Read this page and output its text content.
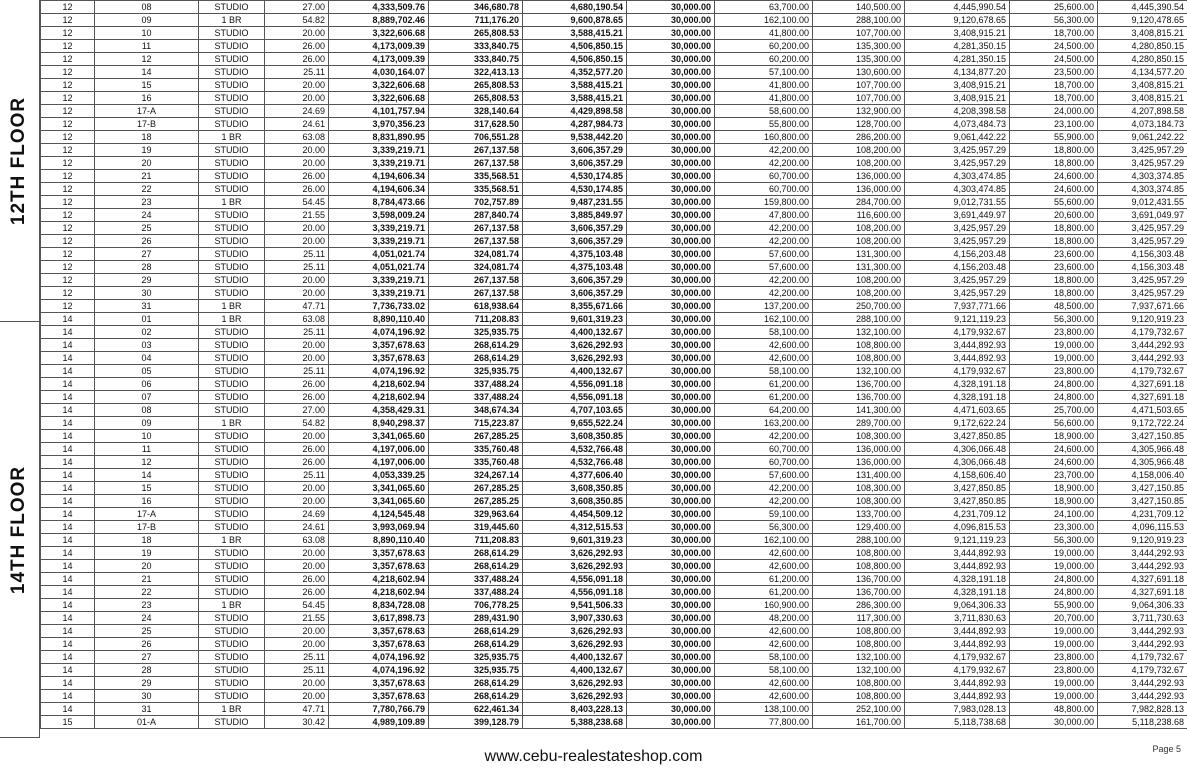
12TH FLOOR
14TH FLOOR
12	08	STUDIO	27.00	4,333,509.76	346,680.78	4,680,190.54	30,000.00	63,700.00	140,500.00	4,445,990.54	25,600.00	4,445,390.54
12	09	1 BR	54.82	8,889,702.46	711,176.20	9,600,878.65	30,000.00	162,100.00	288,100.00	9,120,678.65	56,300.00	9,120,478.65
12	10	STUDIO	20.00	3,322,606.68	265,808.53	3,588,415.21	30,000.00	41,800.00	107,700.00	3,408,915.21	18,700.00	3,408,815.21
12	11	STUDIO	26.00	4,173,009.39	333,840.75	4,506,850.15	30,000.00	60,200.00	135,300.00	4,281,350.15	24,500.00	4,280,850.15
12	12	STUDIO	26.00	4,173,009.39	333,840.75	4,506,850.15	30,000.00	60,200.00	135,300.00	4,281,350.15	24,500.00	4,280,850.15
12	14	STUDIO	25.11	4,030,164.07	322,413.13	4,352,577.20	30,000.00	57,100.00	130,600.00	4,134,877.20	23,500.00	4,134,577.20
12	15	STUDIO	20.00	3,322,606.68	265,808.53	3,588,415.21	30,000.00	41,800.00	107,700.00	3,408,915.21	18,700.00	3,408,815.21
12	16	STUDIO	20.00	3,322,606.68	265,808.53	3,588,415.21	30,000.00	41,800.00	107,700.00	3,408,915.21	18,700.00	3,408,815.21
12	17-A	STUDIO	24.69	4,101,757.94	328,140.64	4,429,898.58	30,000.00	58,600.00	132,900.00	4,208,398.58	24,000.00	4,207,898.58
12	17-B	STUDIO	24.61	3,970,356.23	317,628.50	4,287,984.73	30,000.00	55,800.00	128,700.00	4,073,484.73	23,100.00	4,073,184.73
12	18	1 BR	63.08	8,831,890.95	706,551.28	9,538,442.20	30,000.00	160,800.00	286,200.00	9,061,442.22	55,900.00	9,061,242.22
12	19	STUDIO	20.00	3,339,219.71	267,137.58	3,606,357.29	30,000.00	42,200.00	108,200.00	3,425,957.29	18,800.00	3,425,957.29
12	20	STUDIO	20.00	3,339,219.71	267,137.58	3,606,357.29	30,000.00	42,200.00	108,200.00	3,425,957.29	18,800.00	3,425,957.29
12	21	STUDIO	26.00	4,194,606.34	335,568.51	4,530,174.85	30,000.00	60,700.00	136,000.00	4,303,474.85	24,600.00	4,303,374.85
12	22	STUDIO	26.00	4,194,606.34	335,568.51	4,530,174.85	30,000.00	60,700.00	136,000.00	4,303,474.85	24,600.00	4,303,374.85
12	23	1 BR	54.45	8,784,473.66	702,757.89	9,487,231.55	30,000.00	159,800.00	284,700.00	9,012,731.55	55,600.00	9,012,431.55
12	24	STUDIO	21.55	3,598,009.24	287,840.74	3,885,849.97	30,000.00	47,800.00	116,600.00	3,691,449.97	20,600.00	3,691,049.97
12	25	STUDIO	20.00	3,339,219.71	267,137.58	3,606,357.29	30,000.00	42,200.00	108,200.00	3,425,957.29	18,800.00	3,425,957.29
12	26	STUDIO	20.00	3,339,219.71	267,137.58	3,606,357.29	30,000.00	42,200.00	108,200.00	3,425,957.29	18,800.00	3,425,957.29
12	27	STUDIO	25.11	4,051,021.74	324,081.74	4,375,103.48	30,000.00	57,600.00	131,300.00	4,156,203.48	23,600.00	4,156,303.48
12	28	STUDIO	25.11	4,051,021.74	324,081.74	4,375,103.48	30,000.00	57,600.00	131,300.00	4,156,203.48	23,600.00	4,156,303.48
12	29	STUDIO	20.00	3,339,219.71	267,137.58	3,606,357.29	30,000.00	42,200.00	108,200.00	3,425,957.29	18,800.00	3,425,957.29
12	30	STUDIO	20.00	3,339,219.71	267,137.58	3,606,357.29	30,000.00	42,200.00	108,200.00	3,425,957.29	18,800.00	3,425,957.29
12	31	1 BR	47.71	7,736,733.02	618,938.64	8,355,671.66	30,000.00	137,200.00	250,700.00	7,937,771.66	48,500.00	7,937,671.66
14	01	1 BR	63.08	8,890,110.40	711,208.83	9,601,319.23	30,000.00	162,100.00	288,100.00	9,121,119.23	56,300.00	9,120,919.23
14	02	STUDIO	25.11	4,074,196.92	325,935.75	4,400,132.67	30,000.00	58,100.00	132,100.00	4,179,932.67	23,800.00	4,179,732.67
14	03	STUDIO	20.00	3,357,678.63	268,614.29	3,626,292.93	30,000.00	42,600.00	108,800.00	3,444,892.93	19,000.00	3,444,292.93
14	04	STUDIO	20.00	3,357,678.63	268,614.29	3,626,292.93	30,000.00	42,600.00	108,800.00	3,444,892.93	19,000.00	3,444,292.93
14	05	STUDIO	25.11	4,074,196.92	325,935.75	4,400,132.67	30,000.00	58,100.00	132,100.00	4,179,932.67	23,800.00	4,179,732.67
14	06	STUDIO	26.00	4,218,602.94	337,488.24	4,556,091.18	30,000.00	61,200.00	136,700.00	4,328,191.18	24,800.00	4,327,691.18
14	07	STUDIO	26.00	4,218,602.94	337,488.24	4,556,091.18	30,000.00	61,200.00	136,700.00	4,328,191.18	24,800.00	4,327,691.18
14	08	STUDIO	27.00	4,358,429.31	348,674.34	4,707,103.65	30,000.00	64,200.00	141,300.00	4,471,603.65	25,700.00	4,471,503.65
14	09	1 BR	54.82	8,940,298.37	715,223.87	9,655,522.24	30,000.00	163,200.00	289,700.00	9,172,622.24	56,600.00	9,172,722.24
14	10	STUDIO	20.00	3,341,065.60	267,285.25	3,608,350.85	30,000.00	42,200.00	108,300.00	3,427,850.85	18,900.00	3,427,150.85
14	11	STUDIO	26.00	4,197,006.00	335,760.48	4,532,766.48	30,000.00	60,700.00	136,000.00	4,306,066.48	24,600.00	4,305,966.48
14	12	STUDIO	26.00	4,197,006.00	335,760.48	4,532,766.48	30,000.00	60,700.00	136,000.00	4,306,066.48	24,600.00	4,305,966.48
14	14	STUDIO	25.11	4,053,339.25	324,267.14	4,377,606.40	30,000.00	57,600.00	131,400.00	4,158,606.40	23,700.00	4,158,006.40
14	15	STUDIO	20.00	3,341,065.60	267,285.25	3,608,350.85	30,000.00	42,200.00	108,300.00	3,427,850.85	18,900.00	3,427,150.85
14	16	STUDIO	20.00	3,341,065.60	267,285.25	3,608,350.85	30,000.00	42,200.00	108,300.00	3,427,850.85	18,900.00	3,427,150.85
14	17-A	STUDIO	24.69	4,124,545.48	329,963.64	4,454,509.12	30,000.00	59,100.00	133,700.00	4,231,709.12	24,100.00	4,231,709.12
14	17-B	STUDIO	24.61	3,993,069.94	319,445.60	4,312,515.53	30,000.00	56,300.00	129,400.00	4,096,815.53	23,300.00	4,096,115.53
14	18	1 BR	63.08	8,890,110.40	711,208.83	9,601,319.23	30,000.00	162,100.00	288,100.00	9,121,119.23	56,300.00	9,120,919.23
14	19	STUDIO	20.00	3,357,678.63	268,614.29	3,626,292.93	30,000.00	42,600.00	108,800.00	3,444,892.93	19,000.00	3,444,292.93
14	20	STUDIO	20.00	3,357,678.63	268,614.29	3,626,292.93	30,000.00	42,600.00	108,800.00	3,444,892.93	19,000.00	3,444,292.93
14	21	STUDIO	26.00	4,218,602.94	337,488.24	4,556,091.18	30,000.00	61,200.00	136,700.00	4,328,191.18	24,800.00	4,327,691.18
14	22	STUDIO	26.00	4,218,602.94	337,488.24	4,556,091.18	30,000.00	61,200.00	136,700.00	4,328,191.18	24,800.00	4,327,691.18
14	23	1 BR	54.45	8,834,728.08	706,778.25	9,541,506.33	30,000.00	160,900.00	286,300.00	9,064,306.33	55,900.00	9,064,306.33
14	24	STUDIO	21.55	3,617,898.73	289,431.90	3,907,330.63	30,000.00	48,200.00	117,300.00	3,711,830.63	20,700.00	3,711,730.63
14	25	STUDIO	20.00	3,357,678.63	268,614.29	3,626,292.93	30,000.00	42,600.00	108,800.00	3,444,892.93	19,000.00	3,444,292.93
14	26	STUDIO	20.00	3,357,678.63	268,614.29	3,626,292.93	30,000.00	42,600.00	108,800.00	3,444,892.93	19,000.00	3,444,292.93
14	27	STUDIO	25.11	4,074,196.92	325,935.75	4,400,132.67	30,000.00	58,100.00	132,100.00	4,179,932.67	23,800.00	4,179,732.67
14	28	STUDIO	25.11	4,074,196.92	325,935.75	4,400,132.67	30,000.00	58,100.00	132,100.00	4,179,932.67	23,800.00	4,179,732.67
14	29	STUDIO	20.00	3,357,678.63	268,614.29	3,626,292.93	30,000.00	42,600.00	108,800.00	3,444,892.93	19,000.00	3,444,292.93
14	30	STUDIO	20.00	3,357,678.63	268,614.29	3,626,292.93	30,000.00	42,600.00	108,800.00	3,444,892.93	19,000.00	3,444,292.93
14	31	1 BR	47.71	7,780,766.79	622,461.34	8,403,228.13	30,000.00	138,100.00	252,100.00	7,983,028.13	48,800.00	7,982,828.13
15	01-A	STUDIO	30.42	4,989,109.89	399,128.79	5,388,238.68	30,000.00	77,800.00	161,700.00	5,118,738.68	30,000.00	5,118,238.68
www.cebu-realestateshop.com	Page 5
